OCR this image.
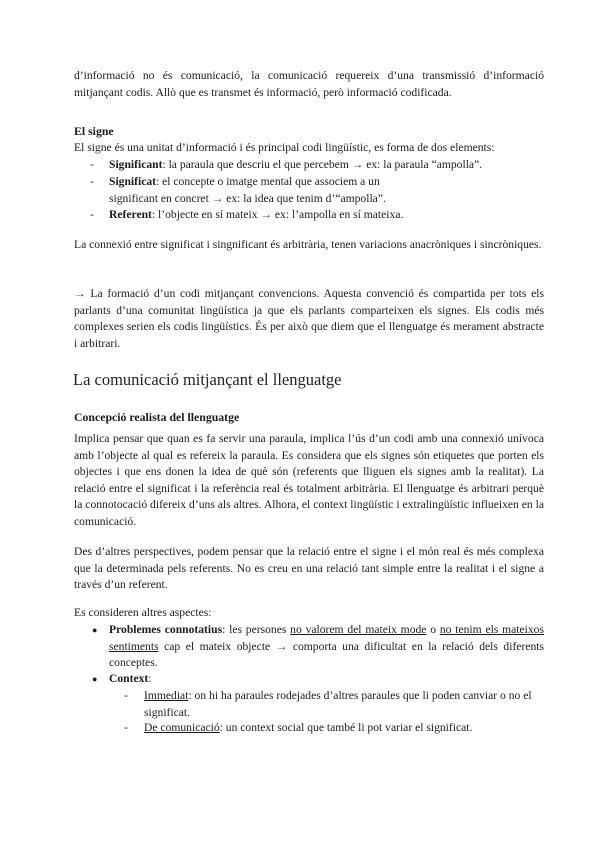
d’informació no és comunicació, la comunicació requereix d’una transmissió d’informació mitjançant codis. Allò que es transmet és informació, però informació codificada.

El signe

El signe és una unitat d’informació i és principal codi lingüístic, es forma de dos elements:

- Significant: la paraula que descriu el que percebem → ex: la paraula “ampolla”.
- Significat: el concepte o imatge mental que associem a un significant en concret → ex: la idea que tenim d’“ampolla”.
- Referent: l’objecte en sí mateix → ex: l’ampolla en sí mateixa.

La connexió entre significat i singnificant és arbitrària, tenen variacions anacròniques i sincròniques.

→ La formació d’un codi mitjançant convencions. Aquesta convenció és compartida per tots els parlants d’una comunitat lingüística ja que els parlants comparteixen els signes. Els codis més complexes serien els codis lingüístics. És per això que diem que el llenguatge és merament abstracte i arbitrari.

La comunicació mitjançant el llenguatge

Concepció realista del llenguatge

Implica pensar que quan es fa servir una paraula, implica l’ús d’un codi amb una connexió unívoca amb l’objecte al qual es refereix la paraula. Es considera que els signes són etiquetes que porten els objectes i que ens donen la idea de què són (referents que lliguen els signes amb la realitat). La relació entre el significat i la referència real és totalment arbitrària. El llenguatge és arbitrari perquè la connotocació difereix d’uns als altres. Alhora, el context lingüístic i extralingüístic influeixen en la comunicació.

Des d’altres perspectives, podem pensar que la relació entre el signe i el món real és més complexa que la determinada pels referents. No es creu en una relació tant simple entre la realitat i el signe a través d’un referent.

Es consideren altres aspectes:

● Problemes connotatius: les persones no valorem del mateix mode o no tenim els mateixos sentiments cap el mateix objecte → comporta una dificultat en la relació dels diferents conceptes.
● Context:
- Immediat: on hi ha paraules rodejades d’altres paraules que li poden canviar o no el significat.
- De comunicació: un context social que també li pot variar el significat.
